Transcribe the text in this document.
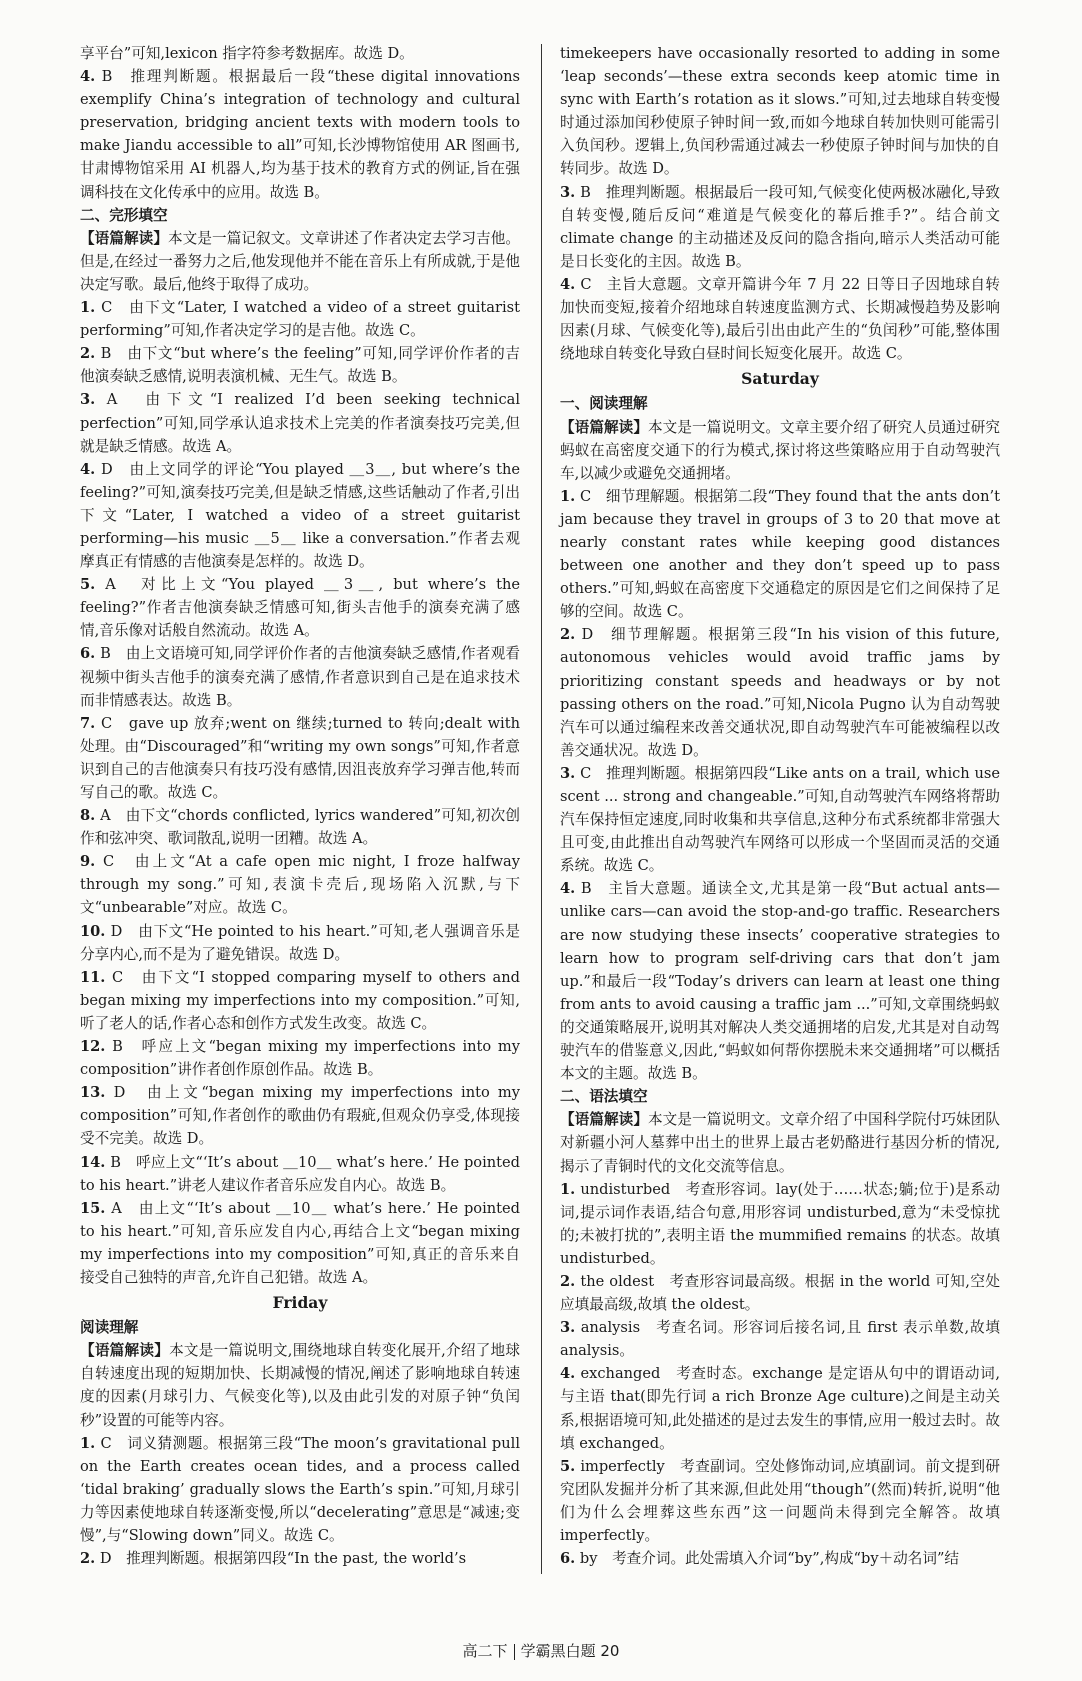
享平台”可知,lexicon 指字符参考数据库。故选 D。
4. B　推理判断题。根据最后一段“these digital innovations exemplify China’s integration of technology and cultural preservation, bridging ancient texts with modern tools to make Jiandu accessible to all”可知,长沙博物馆使用 AR 图画书,甘肃博物馆采用 AI 机器人,均为基于技术的教育方式的例证,旨在强调科技在文化传承中的应用。故选 B。
二、完形填空
【语篇解读】本文是一篇记叙文。文章讲述了作者决定去学习吉他。但是,在经过一番努力之后,他发现他并不能在音乐上有所成就,于是他决定写歌。最后,他终于取得了成功。
1. C　由下文“Later, I watched a video of a street guitarist performing”可知,作者决定学习的是吉他。故选 C。
2. B　由下文“but where’s the feeling”可知,同学评价作者的吉他演奏缺乏感情,说明表演机械、无生气。故选 B。
3. A　由下文“I realized I’d been seeking technical perfection”可知,同学承认追求技术上完美的作者演奏技巧完美,但就是缺乏情感。故选 A。
4. D　由上文同学的评论“You played ＿3＿, but where’s the feeling?”可知,演奏技巧完美,但是缺乏情感,这些话触动了作者,引出下文“Later, I watched a video of a street guitarist performing—his music ＿5＿ like a conversation.”作者去观摩真正有情感的吉他演奏是怎样的。故选 D。
5. A　对比上文“You played ＿3＿, but where’s the feeling?”作者吉他演奏缺乏情感可知,街头吉他手的演奏充满了感情,音乐像对话般自然流动。故选 A。
6. B　由上文语境可知,同学评价作者的吉他演奏缺乏感情,作者观看视频中街头吉他手的演奏充满了感情,作者意识到自己是在追求技术而非情感表达。故选 B。
7. C　gave up 放弃;went on 继续;turned to 转向;dealt with 处理。由“Discouraged”和“writing my own songs”可知,作者意识到自己的吉他演奏只有技巧没有感情,因沮丧放弃学习弹吉他,转而写自己的歌。故选 C。
8. A　由下文“chords conflicted, lyrics wandered”可知,初次创作和弦冲突、歌词散乱,说明一团糟。故选 A。
9. C　由上文“At a cafe open mic night, I froze halfway through my song.”可知,表演卡壳后,现场陷入沉默,与下文“unbearable”对应。故选 C。
10. D　由下文“He pointed to his heart.”可知,老人强调音乐是分享内心,而不是为了避免错误。故选 D。
11. C　由下文“I stopped comparing myself to others and began mixing my imperfections into my composition.”可知,听了老人的话,作者心态和创作方式发生改变。故选 C。
12. B　呼应上文“began mixing my imperfections into my composition”讲作者创作原创作品。故选 B。
13. D　由上文“began mixing my imperfections into my composition”可知,作者创作的歌曲仍有瑕疵,但观众仍享受,体现接受不完美。故选 D。
14. B　呼应上文“‘It’s about ＿10＿ what’s here.’ He pointed to his heart.”讲老人建议作者音乐应发自内心。故选 B。
15. A　由上文“‘It’s about ＿10＿ what’s here.’ He pointed to his heart.”可知,音乐应发自内心,再结合上文“began mixing my imperfections into my composition”可知,真正的音乐来自接受自己独特的声音,允许自己犯错。故选 A。
Friday
阅读理解
【语篇解读】本文是一篇说明文,围绕地球自转变化展开,介绍了地球自转速度出现的短期加快、长期减慢的情况,阐述了影响地球自转速度的因素(月球引力、气候变化等),以及由此引发的对原子钟“负闰秒”设置的可能等内容。
1. C　词义猜测题。根据第三段“The moon’s gravitational pull on the Earth creates ocean tides, and a process called ‘tidal braking’ gradually slows the Earth’s spin.”可知,月球引力等因素使地球自转逐渐变慢,所以“decelerating”意思是“减速;变慢”,与“Slowing down”同义。故选 C。
2. D　推理判断题。根据第四段“In the past, the world’s
timekeepers have occasionally resorted to adding in some ‘leap seconds’—these extra seconds keep atomic time in sync with Earth’s rotation as it slows.”可知,过去地球自转变慢时通过添加闰秒使原子钟时间一致,而如今地球自转加快则可能需引入负闰秒。逻辑上,负闰秒需通过减去一秒使原子钟时间与加快的自转同步。故选 D。
3. B　推理判断题。根据最后一段可知,气候变化使两极冰融化,导致自转变慢,随后反问“难道是气候变化的幕后推手?”。结合前文 climate change 的主动描述及反问的隐含指向,暗示人类活动可能是日长变化的主因。故选 B。
4. C　主旨大意题。文章开篇讲今年 7 月 22 日等日子因地球自转加快而变短,接着介绍地球自转速度监测方式、长期减慢趋势及影响因素(月球、气候变化等),最后引出由此产生的“负闰秒”可能,整体围绕地球自转变化导致白昼时间长短变化展开。故选 C。
Saturday
一、阅读理解
【语篇解读】本文是一篇说明文。文章主要介绍了研究人员通过研究蚂蚁在高密度交通下的行为模式,探讨将这些策略应用于自动驾驶汽车,以减少或避免交通拥堵。
1. C　细节理解题。根据第二段“They found that the ants don’t jam because they travel in groups of 3 to 20 that move at nearly constant rates while keeping good distances between one another and they don’t speed up to pass others.”可知,蚂蚁在高密度下交通稳定的原因是它们之间保持了足够的空间。故选 C。
2. D　细节理解题。根据第三段“In his vision of this future, autonomous vehicles would avoid traffic jams by prioritizing constant speeds and headways or by not passing others on the road.”可知,Nicola Pugno 认为自动驾驶汽车可以通过编程来改善交通状况,即自动驾驶汽车可能被编程以改善交通状况。故选 D。
3. C　推理判断题。根据第四段“Like ants on a trail, which use scent ... strong and changeable.”可知,自动驾驶汽车网络将帮助汽车保持恒定速度,同时收集和共享信息,这种分布式系统都非常强大且可变,由此推出自动驾驶汽车网络可以形成一个坚固而灵活的交通系统。故选 C。
4. B　主旨大意题。通读全文,尤其是第一段“But actual ants—unlike cars—can avoid the stop-and-go traffic. Researchers are now studying these insects’ cooperative strategies to learn how to program self-driving cars that don’t jam up.”和最后一段“Today’s drivers can learn at least one thing from ants to avoid causing a traffic jam ...”可知,文章围绕蚂蚁的交通策略展开,说明其对解决人类交通拥堵的启发,尤其是对自动驾驶汽车的借鉴意义,因此,“蚂蚁如何帮你摆脱未来交通拥堵”可以概括本文的主题。故选 B。
二、语法填空
【语篇解读】本文是一篇说明文。文章介绍了中国科学院付巧妹团队对新疆小河人墓葬中出土的世界上最古老奶酪进行基因分析的情况,揭示了青铜时代的文化交流等信息。
1. undisturbed　考查形容词。lay(处于……状态;躺;位于)是系动词,提示词作表语,结合句意,用形容词 undisturbed,意为“未受惊扰的;未被打扰的”,表明主语 the mummified remains 的状态。故填 undisturbed。
2. the oldest　考查形容词最高级。根据 in the world 可知,空处应填最高级,故填 the oldest。
3. analysis　考查名词。形容词后接名词,且 first 表示单数,故填 analysis。
4. exchanged　考查时态。exchange 是定语从句中的谓语动词,与主语 that(即先行词 a rich Bronze Age culture)之间是主动关系,根据语境可知,此处描述的是过去发生的事情,应用一般过去时。故填 exchanged。
5. imperfectly　考查副词。空处修饰动词,应填副词。前文提到研究团队发掘并分析了其来源,但此处用“though”(然而)转折,说明“他们为什么会埋葬这些东西”这一问题尚未得到完全解答。故填 imperfectly。
6. by　考查介词。此处需填入介词“by”,构成“by＋动名词”结
高二下 学霸黑白题 20
